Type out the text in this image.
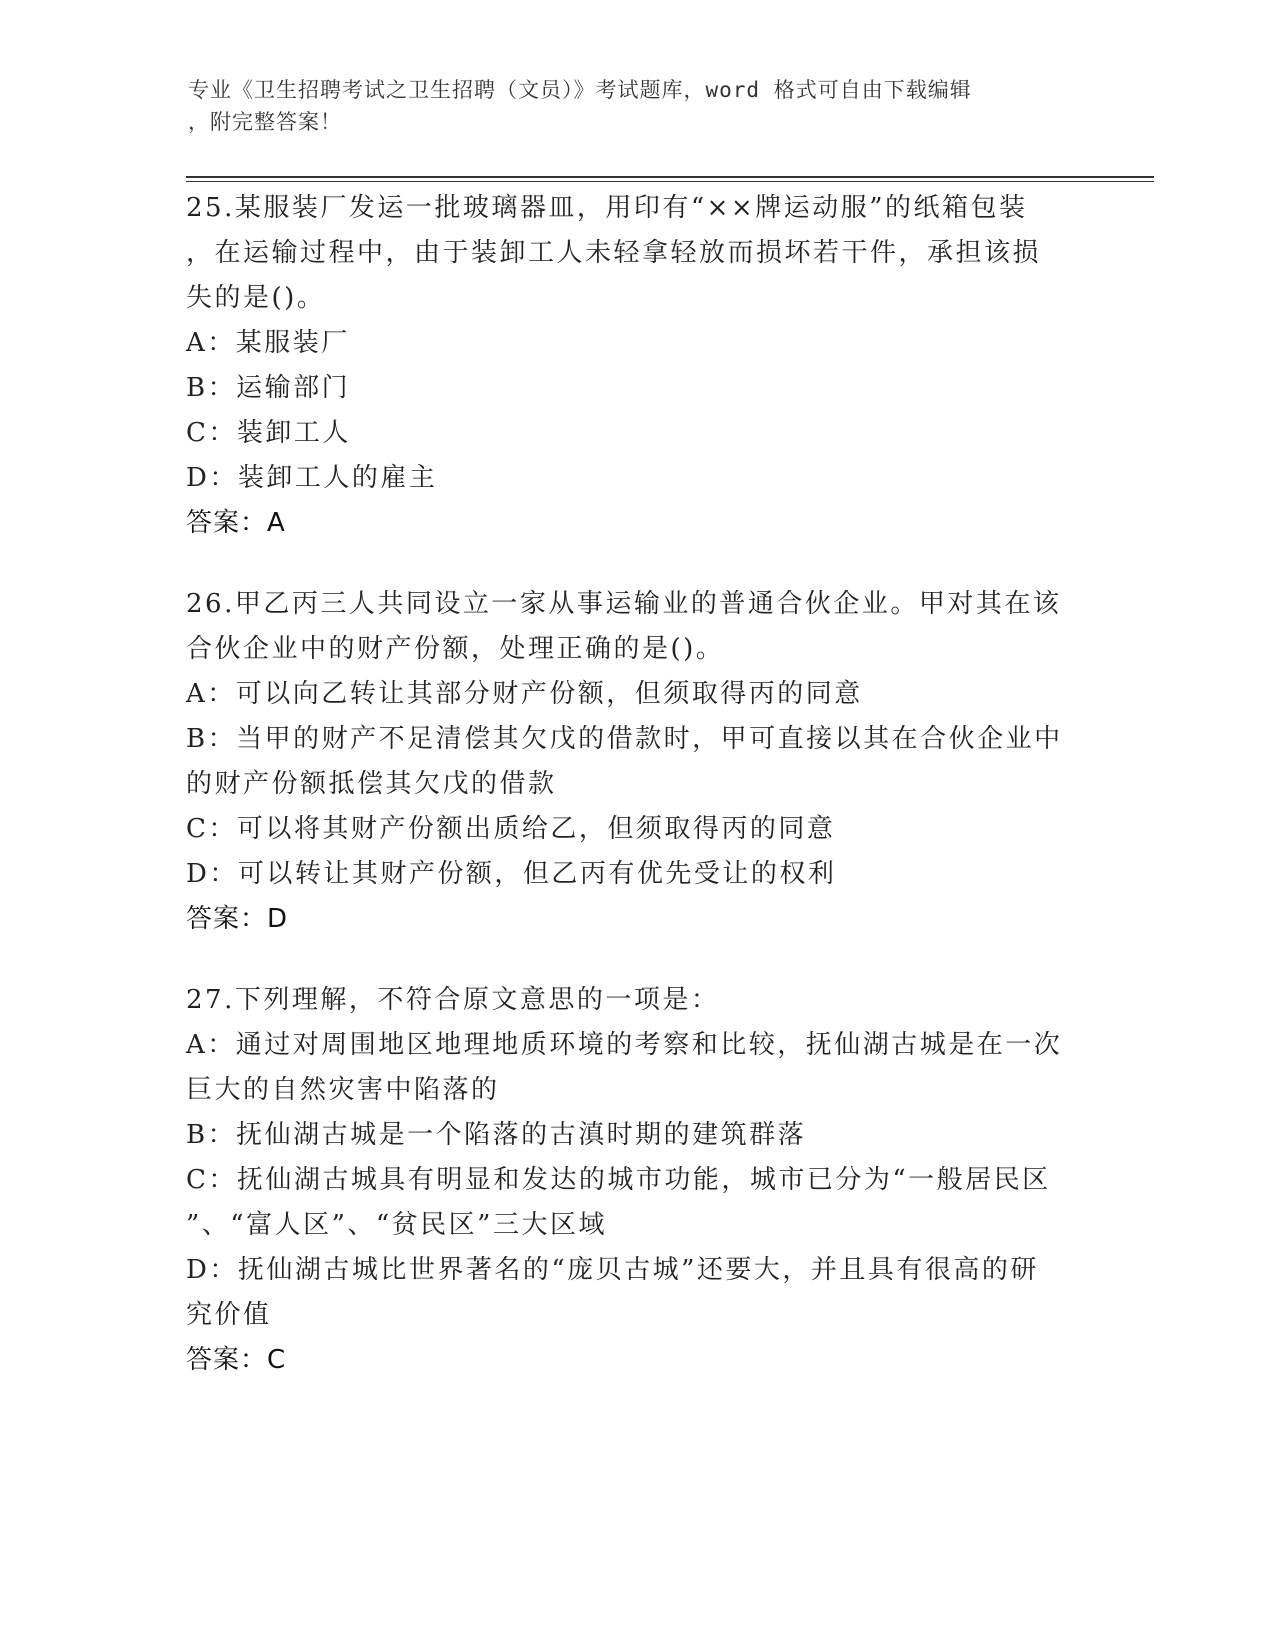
专业《卫生招聘考试之卫生招聘（文员）》考试题库，word 格式可自由下载编辑
，附完整答案！
25.某服装厂发运一批玻璃器皿，用印有“××牌运动服”的纸箱包装
，在运输过程中，由于装卸工人未轻拿轻放而损坏若干件，承担该损
失的是()。
A：某服装厂
B：运输部门
C：装卸工人
D：装卸工人的雇主
答案：A
26.甲乙丙三人共同设立一家从事运输业的普通合伙企业。甲对其在该
合伙企业中的财产份额，处理正确的是()。
A：可以向乙转让其部分财产份额，但须取得丙的同意
B：当甲的财产不足清偿其欠戊的借款时，甲可直接以其在合伙企业中
的财产份额抵偿其欠戊的借款
C：可以将其财产份额出质给乙，但须取得丙的同意
D：可以转让其财产份额，但乙丙有优先受让的权利
答案：D
27.下列理解，不符合原文意思的一项是：
A：通过对周围地区地理地质环境的考察和比较，抚仙湖古城是在一次
巨大的自然灾害中陷落的
B：抚仙湖古城是一个陷落的古滇时期的建筑群落
C：抚仙湖古城具有明显和发达的城市功能，城市已分为“一般居民区
”、“富人区”、“贫民区”三大区域
D：抚仙湖古城比世界著名的“庞贝古城”还要大，并且具有很高的研
究价值
答案：C
